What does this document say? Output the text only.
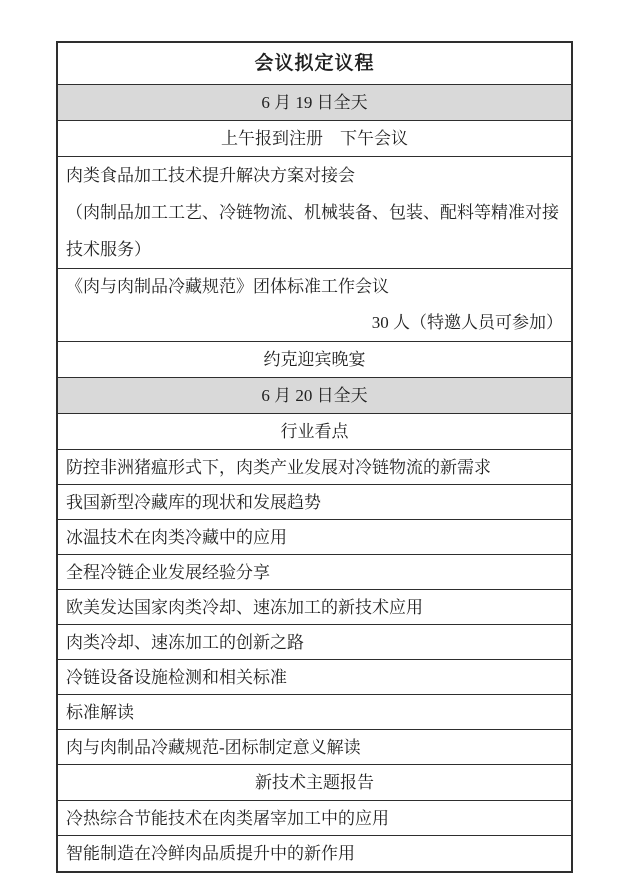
会议拟定议程
6 月 19 日全天
上午报到注册　下午会议
肉类食品加工技术提升解决方案对接会
（肉制品加工工艺、冷链物流、机械装备、包装、配料等精准对接
技术服务）
《肉与肉制品冷藏规范》团体标准工作会议
30 人（特邀人员可参加）
约克迎宾晚宴
6 月 20 日全天
行业看点
防控非洲猪瘟形式下，肉类产业发展对冷链物流的新需求
我国新型冷藏库的现状和发展趋势
冰温技术在肉类冷藏中的应用
全程冷链企业发展经验分享
欧美发达国家肉类冷却、速冻加工的新技术应用
肉类冷却、速冻加工的创新之路
冷链设备设施检测和相关标准
标准解读
肉与肉制品冷藏规范-团标制定意义解读
新技术主题报告
冷热综合节能技术在肉类屠宰加工中的应用
智能制造在冷鲜肉品质提升中的新作用
